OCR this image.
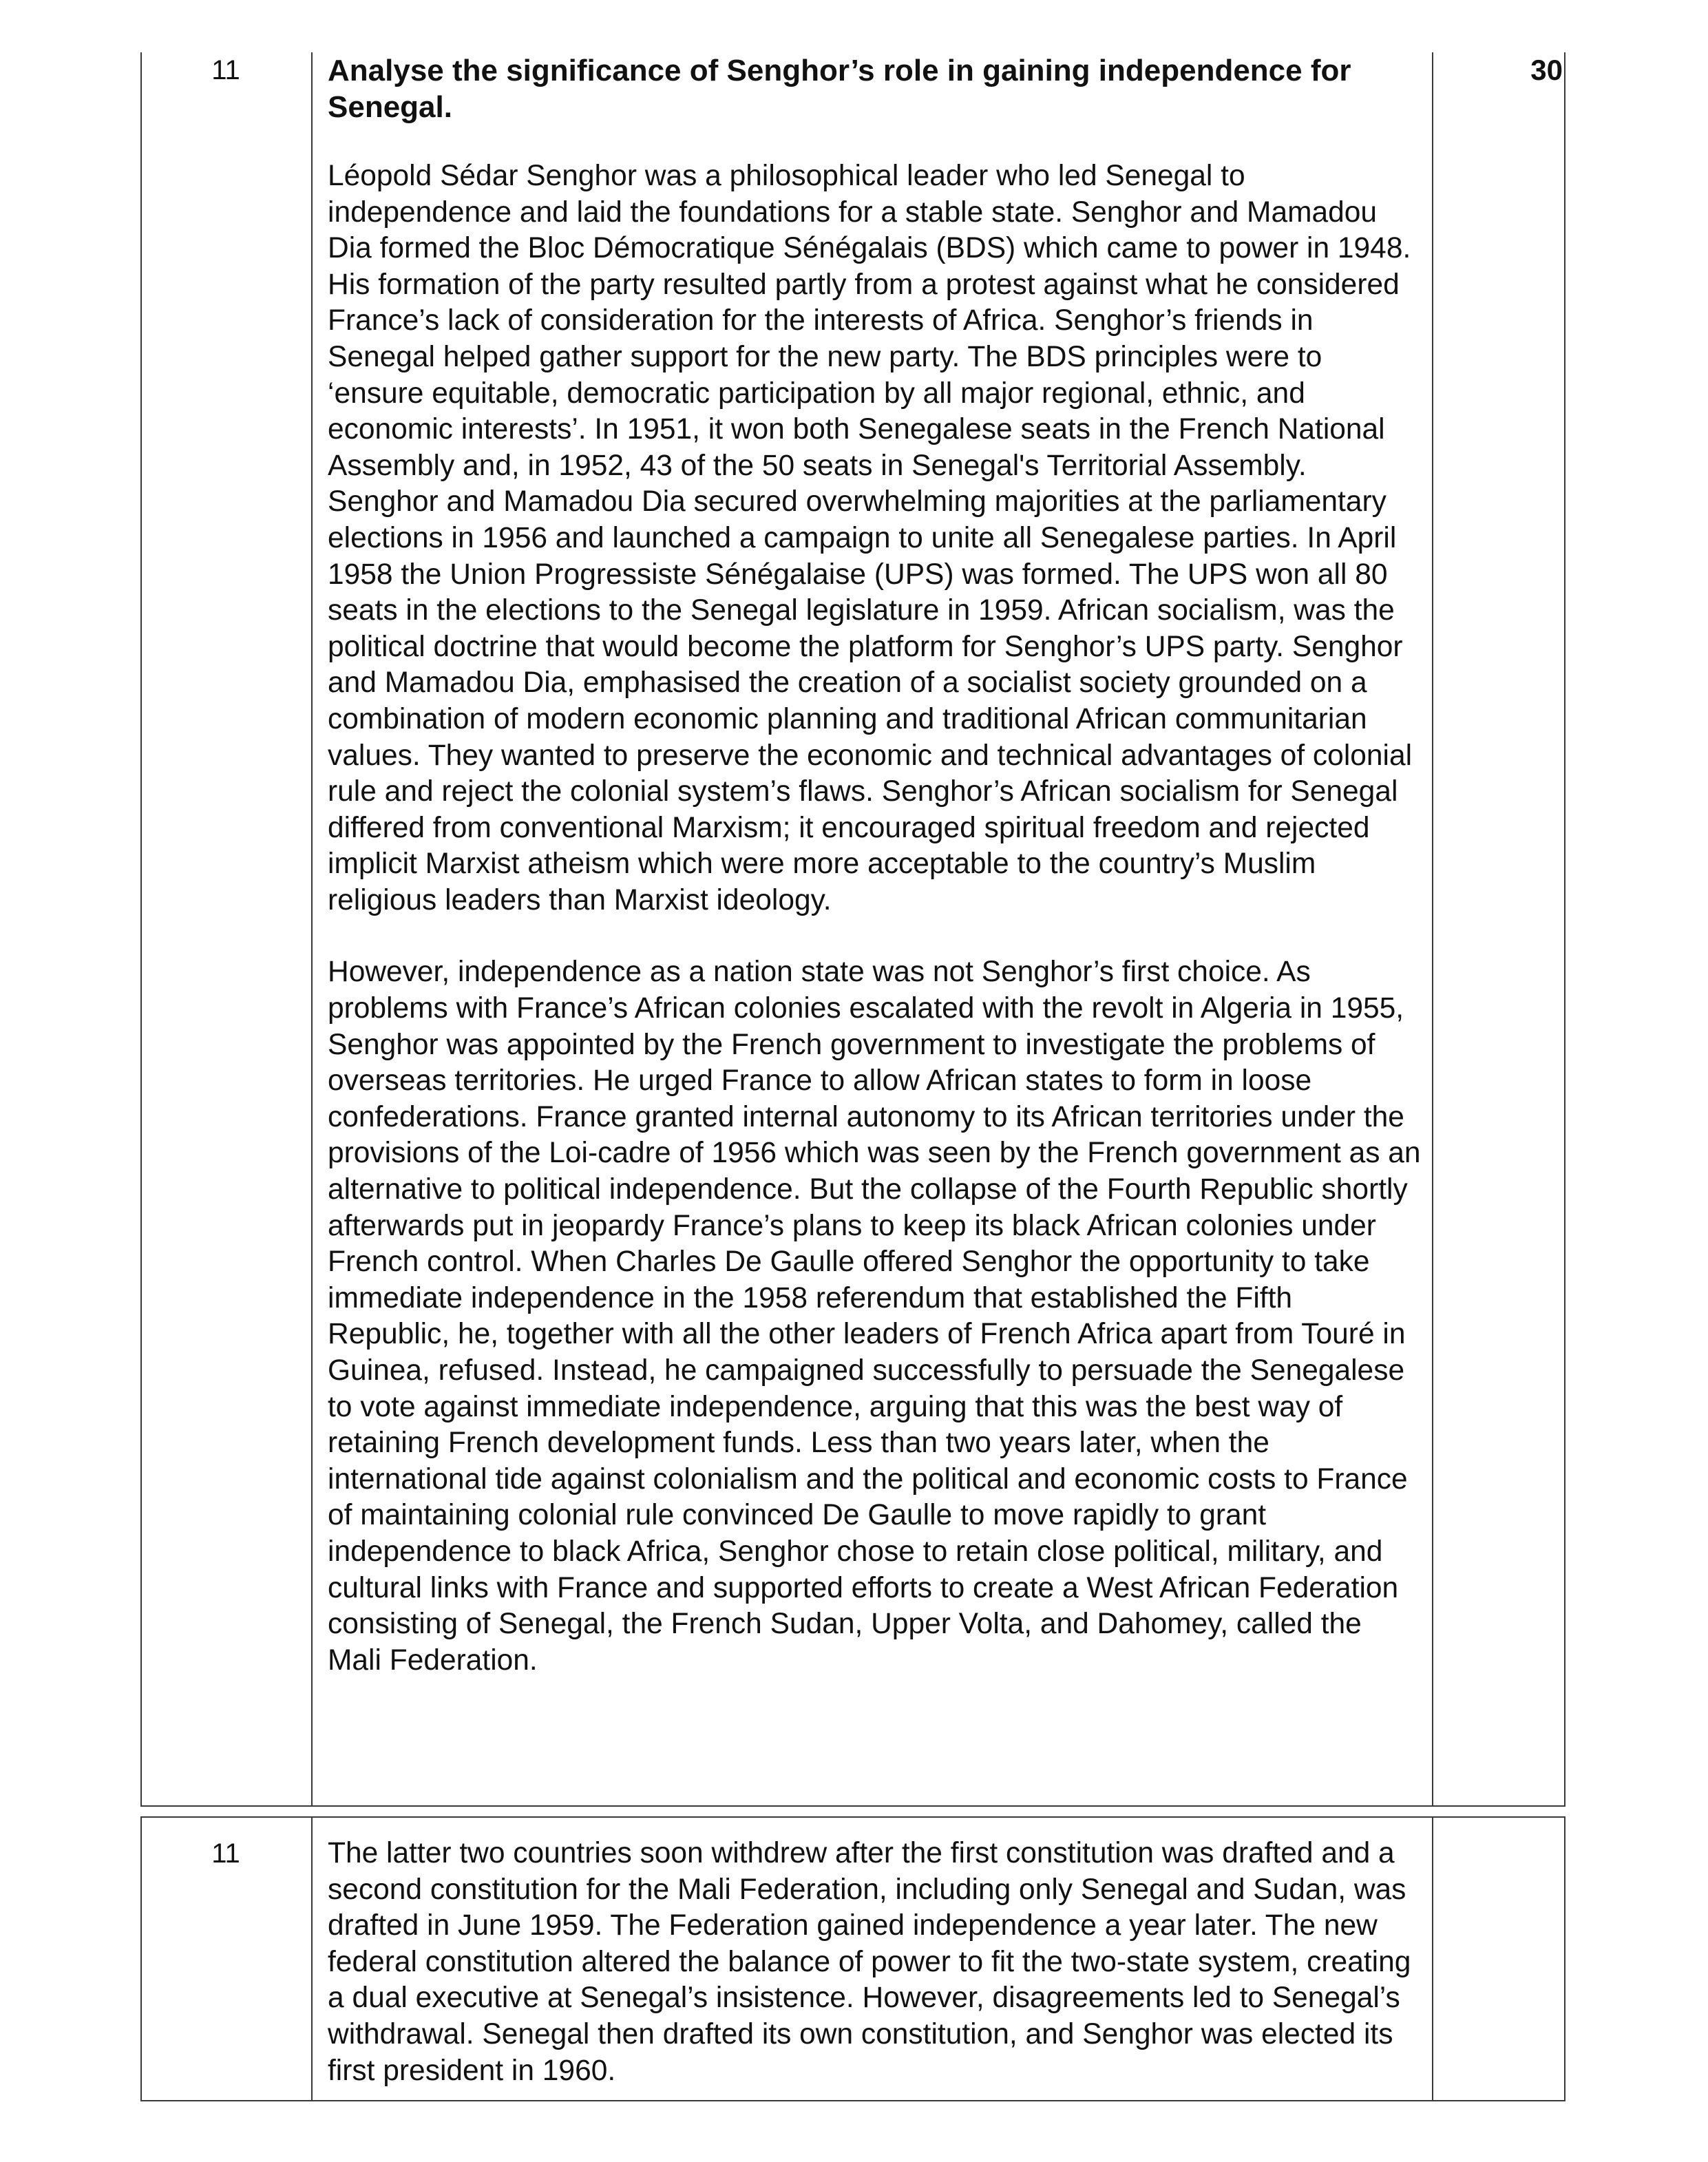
11	30

Analyse the significance of Senghor’s role in gaining independence for Senegal.

Léopold Sédar Senghor was a philosophical leader who led Senegal to independence and laid the foundations for a stable state. Senghor and Mamadou Dia formed the Bloc Démocratique Sénégalais (BDS) which came to power in 1948. His formation of the party resulted partly from a protest against what he considered France’s lack of consideration for the interests of Africa. Senghor’s friends in Senegal helped gather support for the new party. The BDS principles were to ‘ensure equitable, democratic participation by all major regional, ethnic, and economic interests’. In 1951, it won both Senegalese seats in the French National Assembly and, in 1952, 43 of the 50 seats in Senegal's Territorial Assembly. Senghor and Mamadou Dia secured overwhelming majorities at the parliamentary elections in 1956 and launched a campaign to unite all Senegalese parties. In April 1958 the Union Progressiste Sénégalaise (UPS) was formed. The UPS won all 80 seats in the elections to the Senegal legislature in 1959. African socialism, was the political doctrine that would become the platform for Senghor’s UPS party. Senghor and Mamadou Dia, emphasised the creation of a socialist society grounded on a combination of modern economic planning and traditional African communitarian values. They wanted to preserve the economic and technical advantages of colonial rule and reject the colonial system’s flaws. Senghor’s African socialism for Senegal differed from conventional Marxism; it encouraged spiritual freedom and rejected implicit Marxist atheism which were more acceptable to the country’s Muslim religious leaders than Marxist ideology.

However, independence as a nation state was not Senghor’s first choice. As problems with France’s African colonies escalated with the revolt in Algeria in 1955, Senghor was appointed by the French government to investigate the problems of overseas territories. He urged France to allow African states to form in loose confederations. France granted internal autonomy to its African territories under the provisions of the Loi-cadre of 1956 which was seen by the French government as an alternative to political independence. But the collapse of the Fourth Republic shortly afterwards put in jeopardy France’s plans to keep its black African colonies under French control. When Charles De Gaulle offered Senghor the opportunity to take immediate independence in the 1958 referendum that established the Fifth Republic, he, together with all the other leaders of French Africa apart from Touré in Guinea, refused. Instead, he campaigned successfully to persuade the Senegalese to vote against immediate independence, arguing that this was the best way of retaining French development funds. Less than two years later, when the international tide against colonialism and the political and economic costs to France of maintaining colonial rule convinced De Gaulle to move rapidly to grant independence to black Africa, Senghor chose to retain close political, military, and cultural links with France and supported efforts to create a West African Federation consisting of Senegal, the French Sudan, Upper Volta, and Dahomey, called the Mali Federation.

11	The latter two countries soon withdrew after the first constitution was drafted and a second constitution for the Mali Federation, including only Senegal and Sudan, was drafted in June 1959. The Federation gained independence a year later. The new federal constitution altered the balance of power to fit the two-state system, creating a dual executive at Senegal’s insistence. However, disagreements led to Senegal’s withdrawal. Senegal then drafted its own constitution, and Senghor was elected its first president in 1960.
